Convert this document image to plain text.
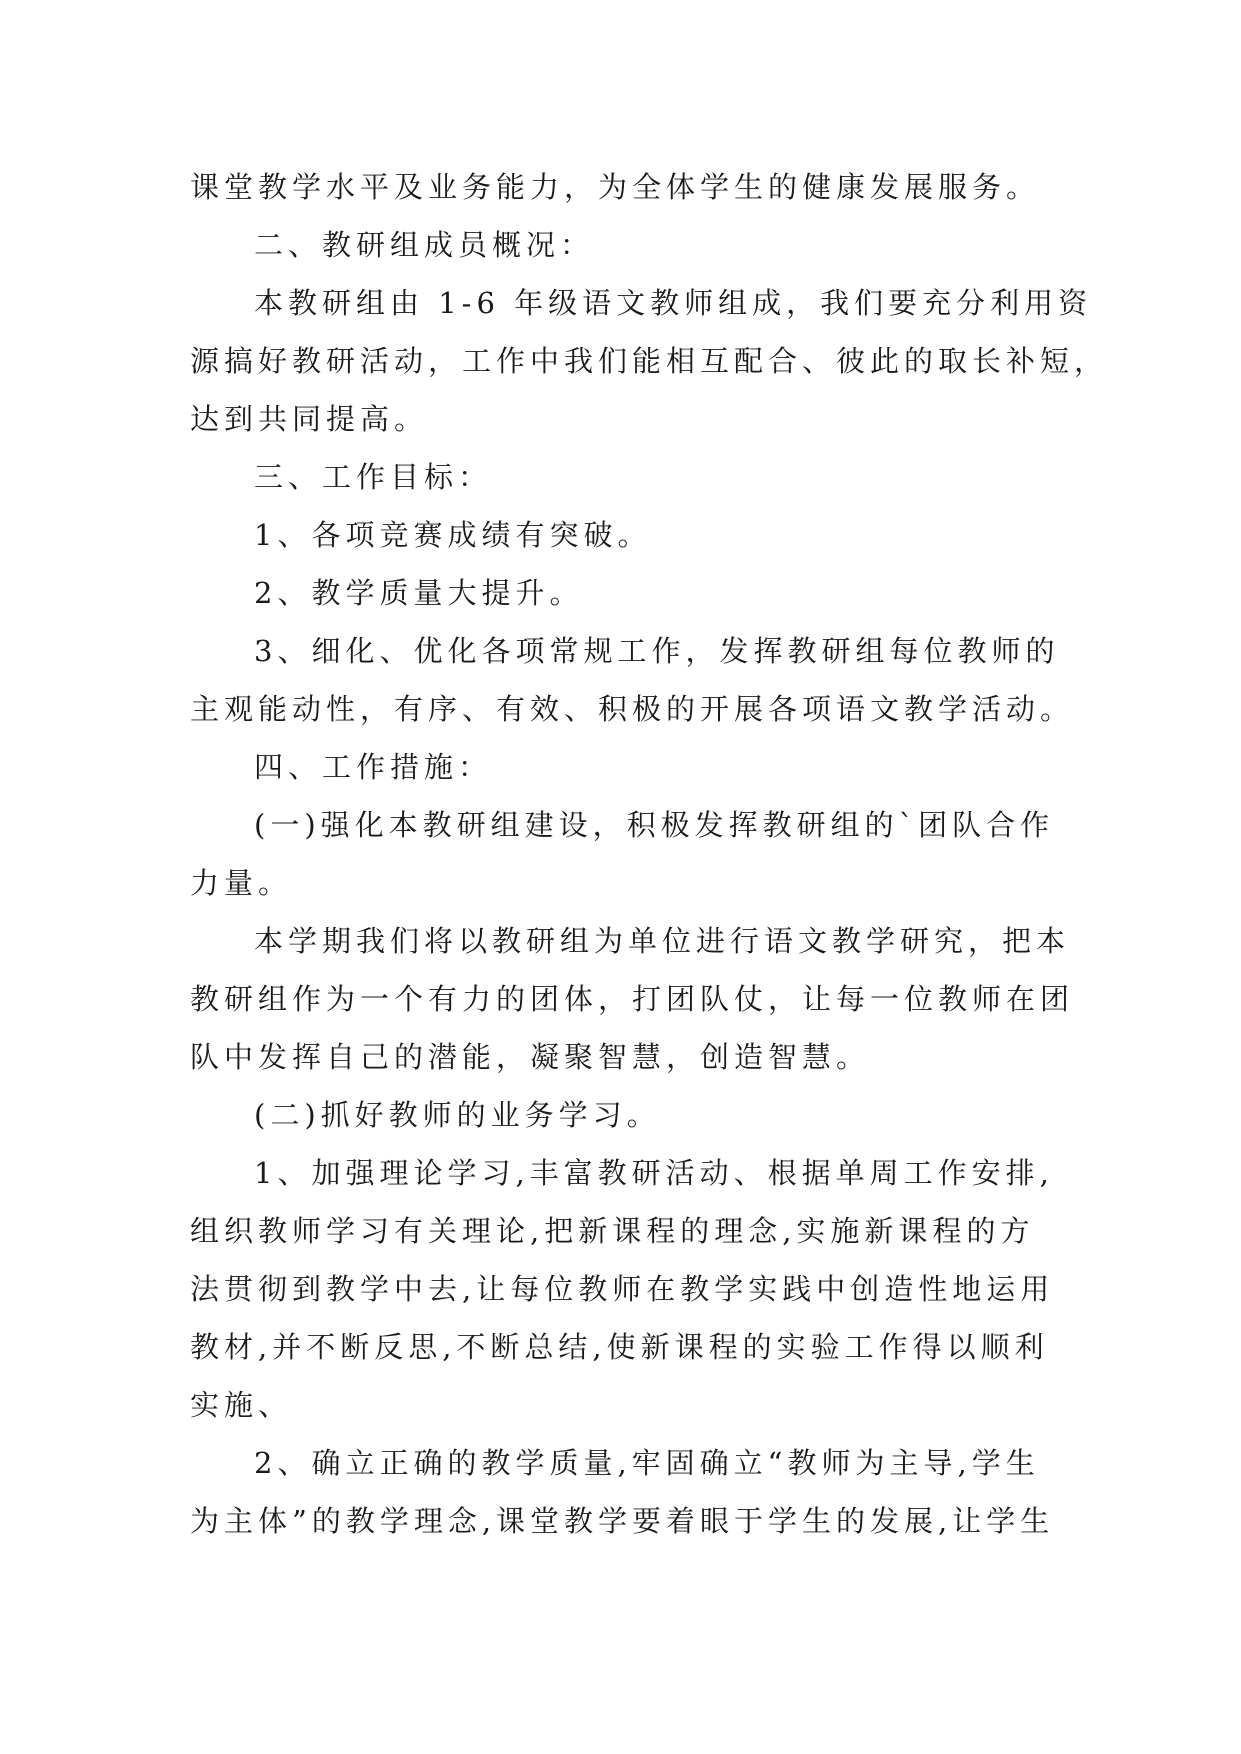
课堂教学水平及业务能力，为全体学生的健康发展服务。
二、教研组成员概况：
本教研组由 1-6 年级语文教师组成，我们要充分利用资
源搞好教研活动，工作中我们能相互配合、彼此的取长补短，
达到共同提高。
三、工作目标：
1、各项竞赛成绩有突破。
2、教学质量大提升。
3、细化、优化各项常规工作，发挥教研组每位教师的
主观能动性，有序、有效、积极的开展各项语文教学活动。
四、工作措施：
(一)强化本教研组建设，积极发挥教研组的`团队合作
力量。
本学期我们将以教研组为单位进行语文教学研究，把本
教研组作为一个有力的团体，打团队仗，让每一位教师在团
队中发挥自己的潜能，凝聚智慧，创造智慧。
(二)抓好教师的业务学习。
1、加强理论学习,丰富教研活动、根据单周工作安排,
组织教师学习有关理论,把新课程的理念,实施新课程的方
法贯彻到教学中去,让每位教师在教学实践中创造性地运用
教材,并不断反思,不断总结,使新课程的实验工作得以顺利
实施、
2、确立正确的教学质量,牢固确立“教师为主导,学生
为主体”的教学理念,课堂教学要着眼于学生的发展,让学生
